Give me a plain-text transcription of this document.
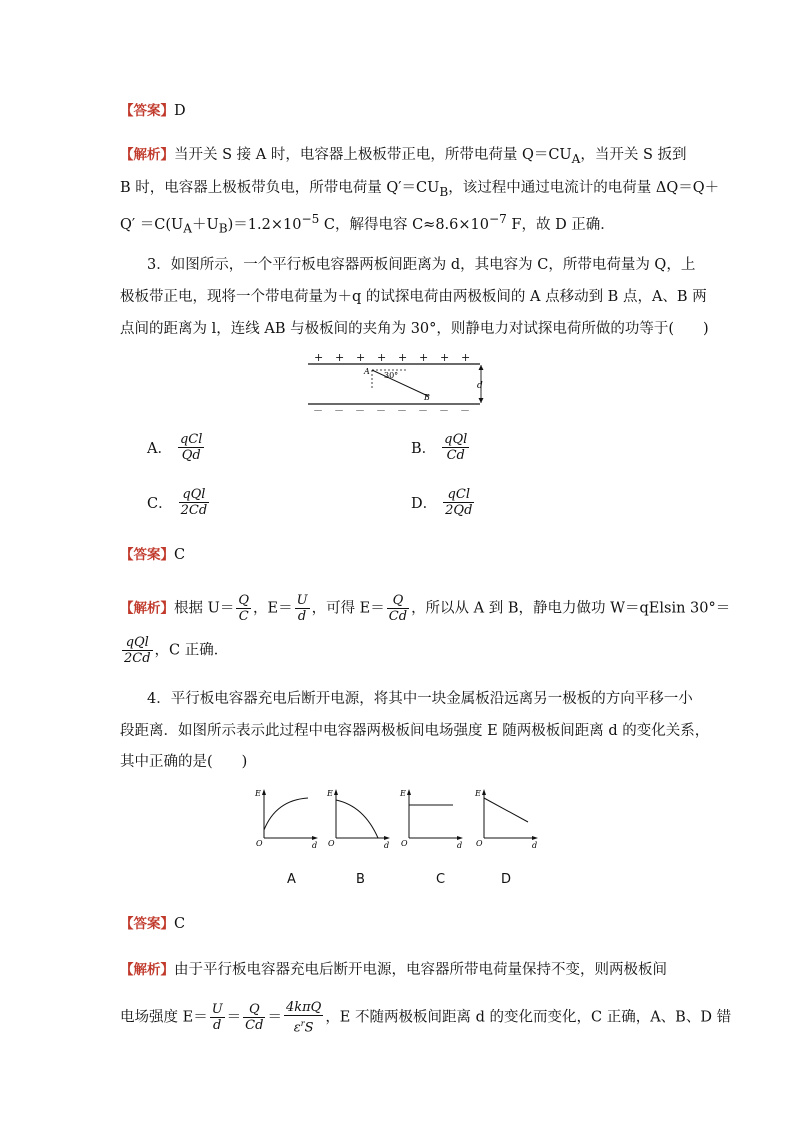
【答案】D
【解析】当开关 S 接 A 时，电容器上极板带正电，所带电荷量 $Q=CU_A$，当开关 S 扳到
B 时，电容器上极板带负电，所带电荷量 $Q'=CU_B$，该过程中通过电流计的电荷量 ΔQ＝Q＋
$Q' =C(U_A+U_B)=1.2\times 10^{-5}$ C，解得电容 $C\approx 8.6\times 10^{-7}$ F，故 D 正确．
3．如图所示，一个平行板电容器两板间距离为 d，其电容为 C，所带电荷量为 Q，上
极板带正电，现将一个带电荷量为＋q 的试探电荷由两极板间的 A 点移动到 B 点，A、B 两
点间的距离为 l，连线 AB 与极板间的夹角为 30°，则静电力对试探电荷所做的功等于(　　)
+ + + + + + + +
－ － － － － － － －
A
B
30°
d
A． $\frac{\text{qCl}}{Qd}$	B． $\frac{\text{qQl}}{Cd}$
C． $\frac{\text{qQl}}{2Cd}$	D． $\frac{\text{qCl}}{2Qd}$
【答案】C
【解析】根据 $U= \frac{Q}{C}$ ，$E= \frac{U}{d}$ ，可得 $E= \frac{Q}{Cd}$ ，所以从 A 到 B，静电力做功 W＝qElsin 30°＝
$\frac{\text{qQl}}{2Cd}$ ，C 正确．
4．平行板电容器充电后断开电源，将其中一块金属板沿远离另一极板的方向平移一小
段距离．如图所示表示此过程中电容器两极板间电场强度 E 随两极板间距离 d 的变化关系，
其中正确的是(　　)
E
d
O
E
d
O
E
d
O
E
d
O
A	B	C	D
【答案】C
【解析】由于平行板电容器充电后断开电源，电容器所带电荷量保持不变，则两极板间
电场强度 $E= \frac{U}{d} = \frac{Q}{Cd} = \frac{\text{4kπQ}}{\varepsilon^rS}$ ，E 不随两极板间距离 d 的变化而变化，C 正确，A、B、D 错
